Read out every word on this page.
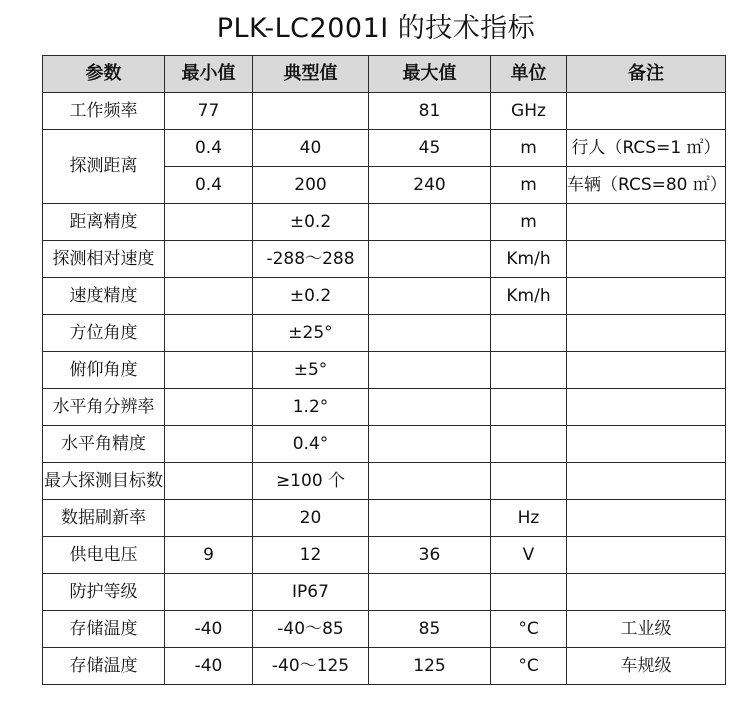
PLK-LC2001I 的技术指标
参数	最小值	典型值	最大值	单位	备注
工作频率	77		81	GHz	
探测距离	0.4	40	45	m	行人（RCS=1 ㎡）
	0.4	200	240	m	车辆（RCS=80 ㎡）
距离精度		±0.2		m	
探测相对速度		-288～288		Km/h	
速度精度		±0.2		Km/h	
方位角度		±25°			
俯仰角度		±5°			
水平角分辨率		1.2°			
水平角精度		0.4°			
最大探测目标数		≥100 个			
数据刷新率		20		Hz	
供电电压	9	12	36	V	
防护等级		IP67			
存储温度	-40	-40～85	85	°C	工业级
存储温度	-40	-40～125	125	°C	车规级
